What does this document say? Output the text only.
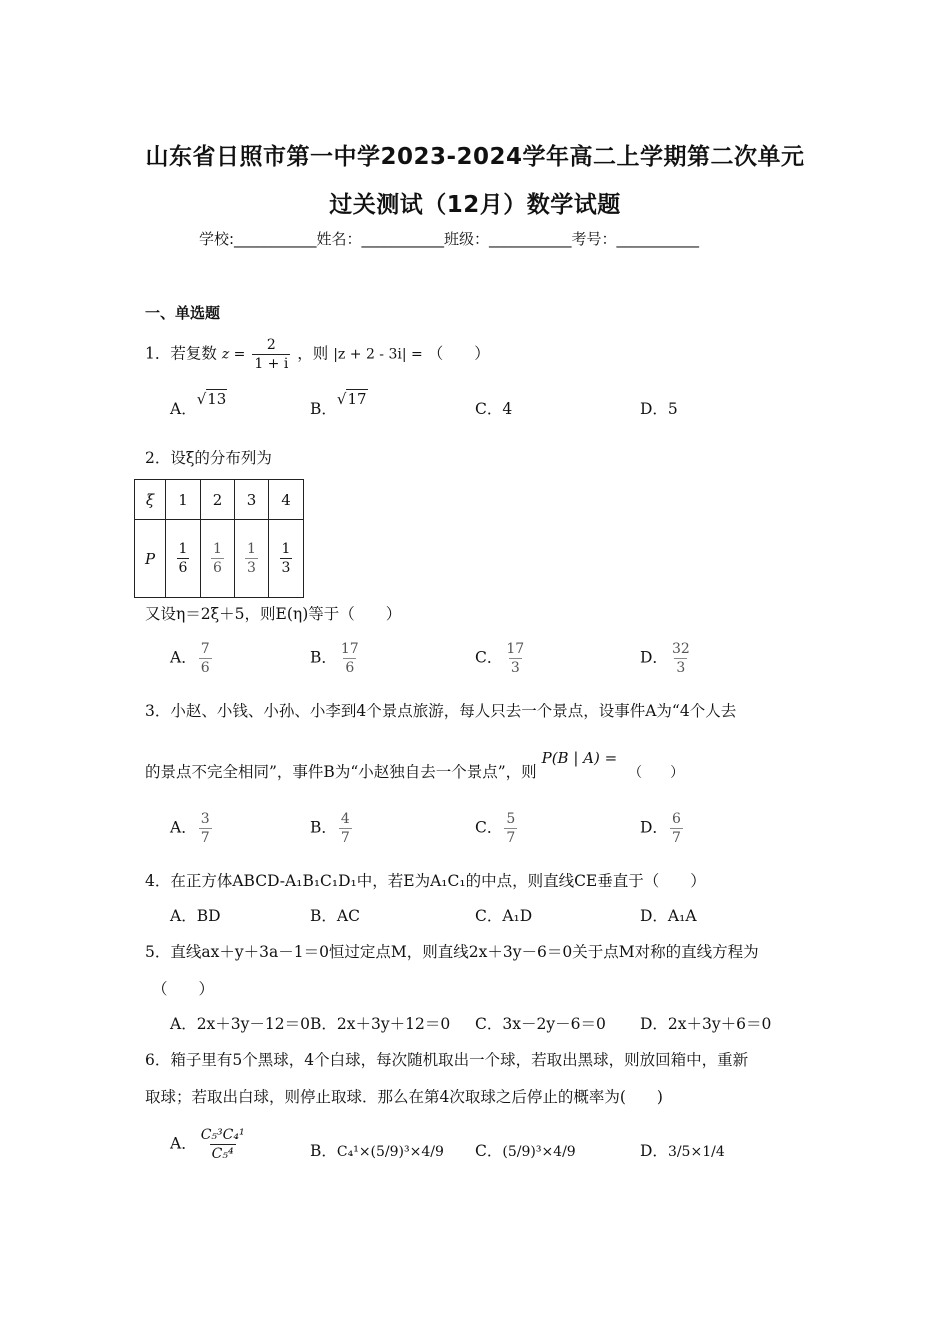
山东省日照市第一中学2023-2024学年高二上学期第二次单元
过关测试（12月）数学试题
学校:___________姓名：___________班级：___________考号：___________
一、单选题
1．若复数 $z = \frac{2}{1 + i}$ ，则 |z + 2 - 3i| = （　　）
A．√13
B．√17
C．4	D．5
2．设ξ的分布列为
ξ	1	2	3	4
P	$\frac{1}{6}$	$\frac{1}{6}$	$\frac{1}{3}$	$\frac{1}{3}$
又设η＝2ξ＋5，则E(η)等于（　　）
A． $\frac{7}{6}$	B． $\frac{17}{6}$	C． $\frac{17}{3}$	D． $\frac{32}{3}$
3．小赵、小钱、小孙、小李到4个景点旅游，每人只去一个景点，设事件A为“4个人去
的景点不完全相同”，事件B为“小赵独自去一个景点”，则 P(B | A) = （　　）
A． $\frac{3}{7}$	B． $\frac{4}{7}$	C． $\frac{5}{7}$	D． $\frac{6}{7}$
4．在正方体ABCD-A₁B₁C₁D₁中，若E为A₁C₁的中点，则直线CE垂直于（　　）
A．BD	B．AC	C．A₁D	D．A₁A
5．直线ax＋y＋3a－1＝0恒过定点M，则直线2x＋3y－6＝0关于点M对称的直线方程为
（　　）
A．2x＋3y－12＝0 B．2x＋3y＋12＝0 C．3x－2y－6＝0 D．2x＋3y＋6＝0
6．箱子里有5个黑球，4个白球，每次随机取出一个球，若取出黑球，则放回箱中，重新
取球；若取出白球，则停止取球．那么在第4次取球之后停止的概率为(　　)
A． $\frac{\text{C₅³C₄¹}}{\text{C₅⁴}}$	B．C₄¹×(5/9)³×4/9 C．(5/9)³×4/9	D．3/5×1/4
